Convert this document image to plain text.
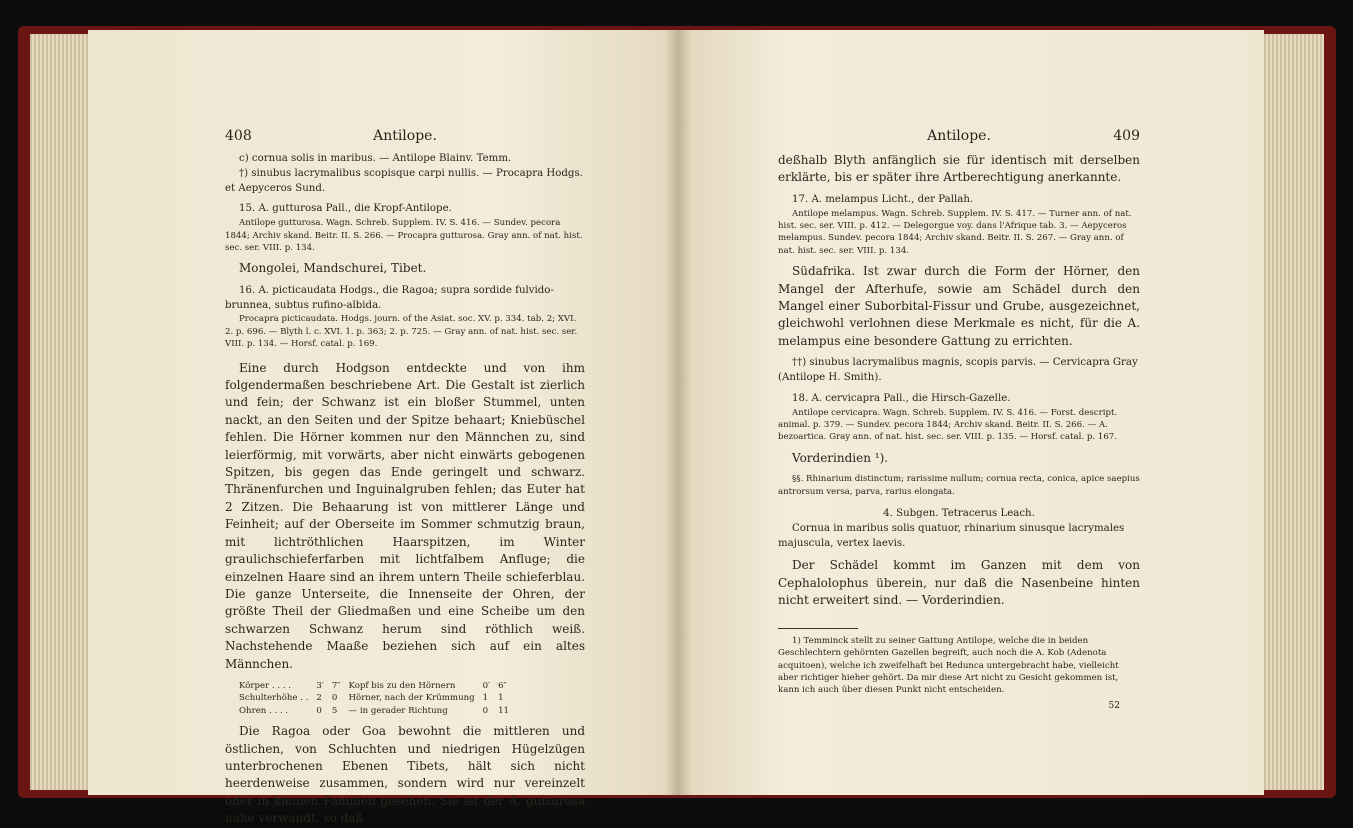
408	Antilope.

c) cornua solis in maribus. — Antilope Blainv. Temm.

†) sinubus lacrymalibus scopisque carpi nullis. — Procapra Hodgs. et Aepyceros Sund.

15. A. gutturosa Pall., die Kropf-Antilope.

Antilope gutturosa. Wagn. Schreb. Supplem. IV. S. 416. — Sundev. pecora 1844; Archiv skand. Beitr. II. S. 266. — Procapra gutturosa. Gray ann. of nat. hist. sec. ser. VIII. p. 134.

Mongolei, Mandschurei, Tibet.

16. A. picticaudata Hodgs., die Ragoa; supra sordide fulvido-brunnea, subtus rufino-albida.

Procapra picticaudata. Hodgs. journ. of the Asiat. soc. XV. p. 334. tab. 2; XVI. 2. p. 696. — Blyth l. c. XVI. 1. p. 363; 2. p. 725. — Gray ann. of nat. hist. sec. ser. VIII. p. 134. — Horsf. catal. p. 169.

Eine durch Hodgson entdeckte und von ihm folgendermaßen beschriebene Art. Die Gestalt ist zierlich und fein; der Schwanz ist ein bloßer Stummel, unten nackt, an den Seiten und der Spitze behaart; Kniebüschel fehlen. Die Hörner kommen nur den Männchen zu, sind leierförmig, mit vorwärts, aber nicht einwärts gebogenen Spitzen, bis gegen das Ende geringelt und schwarz. Thränenfurchen und Inguinalgruben fehlen; das Euter hat 2 Zitzen. Die Behaarung ist von mittlerer Länge und Feinheit; auf der Oberseite im Sommer schmutzig braun, mit lichtröthlichen Haarspitzen, im Winter graulichschieferfarben mit lichtfalbem Anfluge; die einzelnen Haare sind an ihrem untern Theile schieferblau. Die ganze Unterseite, die Innenseite der Ohren, der größte Theil der Gliedmaßen und eine Scheibe um den schwarzen Schwanz herum sind röthlich weiß. Nachstehende Maaße beziehen sich auf ein altes Männchen.

Körper . . . .	3′	7″	Kopf bis zu den Hörnern	0′	6″
Schulterhöhe . .	2	0	Hörner, nach der Krümmung	1	1
Ohren . . . .	0	5	— in gerader Richtung	0	11

Die Ragoa oder Goa bewohnt die mittleren und östlichen, von Schluchten und niedrigen Hügelzügen unterbrochenen Ebenen Tibets, hält sich nicht heerdenweise zusammen, sondern wird nur vereinzelt oder in kleinen Familien gesehen. Sie ist der A. gutturosa nahe verwandt, so daß

Antilope.	409

deßhalb Blyth anfänglich sie für identisch mit derselben erklärte, bis er später ihre Artberechtigung anerkannte.

17. A. melampus Licht., der Pallah.

Antilope melampus. Wagn. Schreb. Supplem. IV. S. 417. — Turner ann. of nat. hist. sec. ser. VIII. p. 412. — Delegorgue voy. dans l'Afrique tab. 3. — Aepyceros melampus. Sundev. pecora 1844; Archiv skand. Beitr. II. S. 267. — Gray ann. of nat. hist. sec. ser. VIII. p. 134.

Südafrika. Ist zwar durch die Form der Hörner, den Mangel der Afterhufe, sowie am Schädel durch den Mangel einer Suborbital-Fissur und Grube, ausgezeichnet, gleichwohl verlohnen diese Merkmale es nicht, für die A. melampus eine besondere Gattung zu errichten.

††) sinubus lacrymalibus magnis, scopis parvis. — Cervicapra Gray (Antilope H. Smith).

18. A. cervicapra Pall., die Hirsch-Gazelle.

Antilope cervicapra. Wagn. Schreb. Supplem. IV. S. 416. — Forst. descript. animal. p. 379. — Sundev. pecora 1844; Archiv skand. Beitr. II. S. 266. — A. bezoartica. Gray ann. of nat. hist. sec. ser. VIII. p. 135. — Horsf. catal. p. 167.

Vorderindien ¹).

§§. Rhinarium distinctum; rarissime nullum; cornua recta, conica, apice saepius antrorsum versa, parva, rarius elongata.

4. Subgen. Tetracerus Leach.

Cornua in maribus solis quatuor, rhinarium sinusque lacrymales majuscula, vertex laevis.

Der Schädel kommt im Ganzen mit dem von Cephalolophus überein, nur daß die Nasenbeine hinten nicht erweitert sind. — Vorderindien.

1) Temminck stellt zu seiner Gattung Antilope, welche die in beiden Geschlechtern gehörnten Gazellen begreift, auch noch die A. Kob (Adenota acquitoen), welche ich zweifelhaft bei Redunca untergebracht habe, vielleicht aber richtiger hieher gehört. Da mir diese Art nicht zu Gesicht gekommen ist, kann ich auch über diesen Punkt nicht entscheiden.

52
